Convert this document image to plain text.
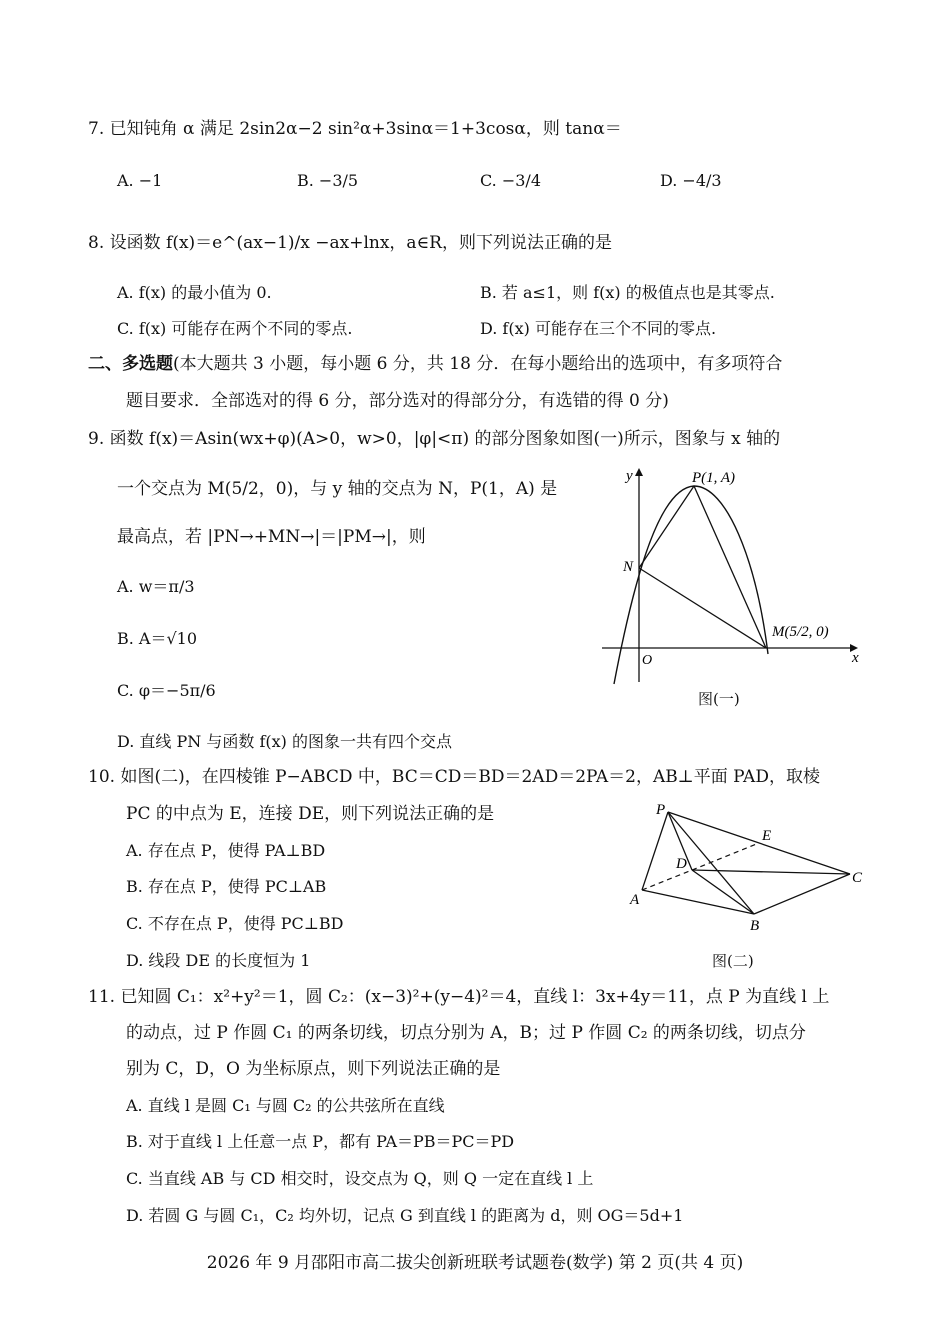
7. 已知钝角 α 满足 2sin2α−2 sin²α+3sinα＝1+3cosα，则 tanα＝
A. −1	B. −3/5	C. −3/4	D. −4/3
8. 设函数 f(x)＝e^(ax−1)/x −ax+lnx，a∈R，则下列说法正确的是
A. f(x) 的最小值为 0.	B. 若 a≤1，则 f(x) 的极值点也是其零点.
C. f(x) 可能存在两个不同的零点.	D. f(x) 可能存在三个不同的零点.
二、多选题(本大题共 3 小题，每小题 6 分，共 18 分．在每小题给出的选项中，有多项符合
题目要求．全部选对的得 6 分，部分选对的得部分分，有选错的得 0 分)
9. 函数 f(x)＝Asin(wx+φ)(A>0，w>0，|φ|<π) 的部分图象如图(一)所示，图象与 x 轴的
一个交点为 M(5/2，0)，与 y 轴的交点为 N，P(1，A) 是
最高点，若 |PN→+MN→|＝|PM→|，则
A. w＝π/3
B. A＝√10
C. φ＝−5π/6
D. 直线 PN 与函数 f(x) 的图象一共有四个交点
y
x
O
N
P(1, A)
M(5/2, 0)
图(一)
10. 如图(二)，在四棱锥 P−ABCD 中，BC＝CD＝BD＝2AD＝2PA＝2，AB⊥平面 PAD，取棱
PC 的中点为 E，连接 DE，则下列说法正确的是
A. 存在点 P，使得 PA⊥BD
B. 存在点 P，使得 PC⊥AB
C. 不存在点 P，使得 PC⊥BD
D. 线段 DE 的长度恒为 1
P
E
D
C
A
B
图(二)
11. 已知圆 C₁：x²+y²＝1，圆 C₂：(x−3)²+(y−4)²＝4，直线 l：3x+4y＝11，点 P 为直线 l 上
的动点，过 P 作圆 C₁ 的两条切线，切点分别为 A，B；过 P 作圆 C₂ 的两条切线，切点分
别为 C，D，O 为坐标原点，则下列说法正确的是
A. 直线 l 是圆 C₁ 与圆 C₂ 的公共弦所在直线
B. 对于直线 l 上任意一点 P，都有 PA＝PB＝PC＝PD
C. 当直线 AB 与 CD 相交时，设交点为 Q，则 Q 一定在直线 l 上
D. 若圆 G 与圆 C₁，C₂ 均外切，记点 G 到直线 l 的距离为 d，则 OG＝5d+1
2026 年 9 月邵阳市高二拔尖创新班联考试题卷(数学) 第 2 页(共 4 页)
